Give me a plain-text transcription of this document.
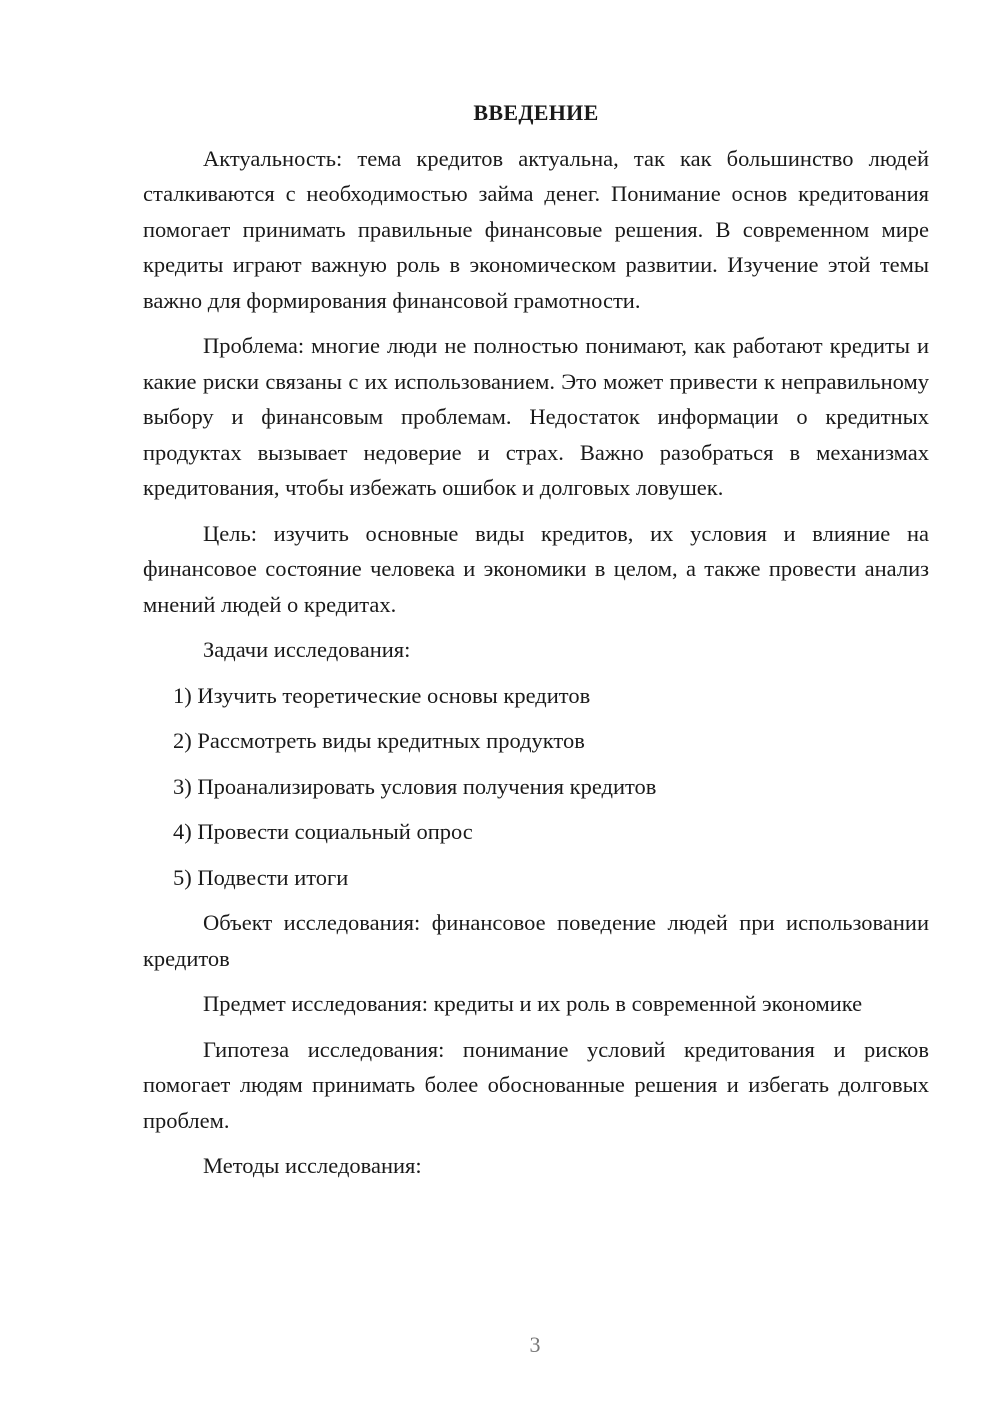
ВВЕДЕНИЕ

Актуальность: тема кредитов актуальна, так как большинство людей сталкиваются с необходимостью займа денег. Понимание основ кредитования помогает принимать правильные финансовые решения. В современном мире кредиты играют важную роль в экономическом развитии. Изучение этой темы важно для формирования финансовой грамотности.

Проблема: многие люди не полностью понимают, как работают кредиты и какие риски связаны с их использованием. Это может привести к неправильному выбору и финансовым проблемам. Недостаток информации о кредитных продуктах вызывает недоверие и страх. Важно разобраться в механизмах кредитования, чтобы избежать ошибок и долговых ловушек.

Цель: изучить основные виды кредитов, их условия и влияние на финансовое состояние человека и экономики в целом, а также провести анализ мнений людей о кредитах.

Задачи исследования:

1) Изучить теоретические основы кредитов
2) Рассмотреть виды кредитных продуктов
3) Проанализировать условия получения кредитов
4) Провести социальный опрос
5) Подвести итоги

Объект исследования: финансовое поведение людей при использовании кредитов

Предмет исследования: кредиты и их роль в современной экономике

Гипотеза исследования: понимание условий кредитования и рисков помогает людям принимать более обоснованные решения и избегать долговых проблем.

Методы исследования:

3
